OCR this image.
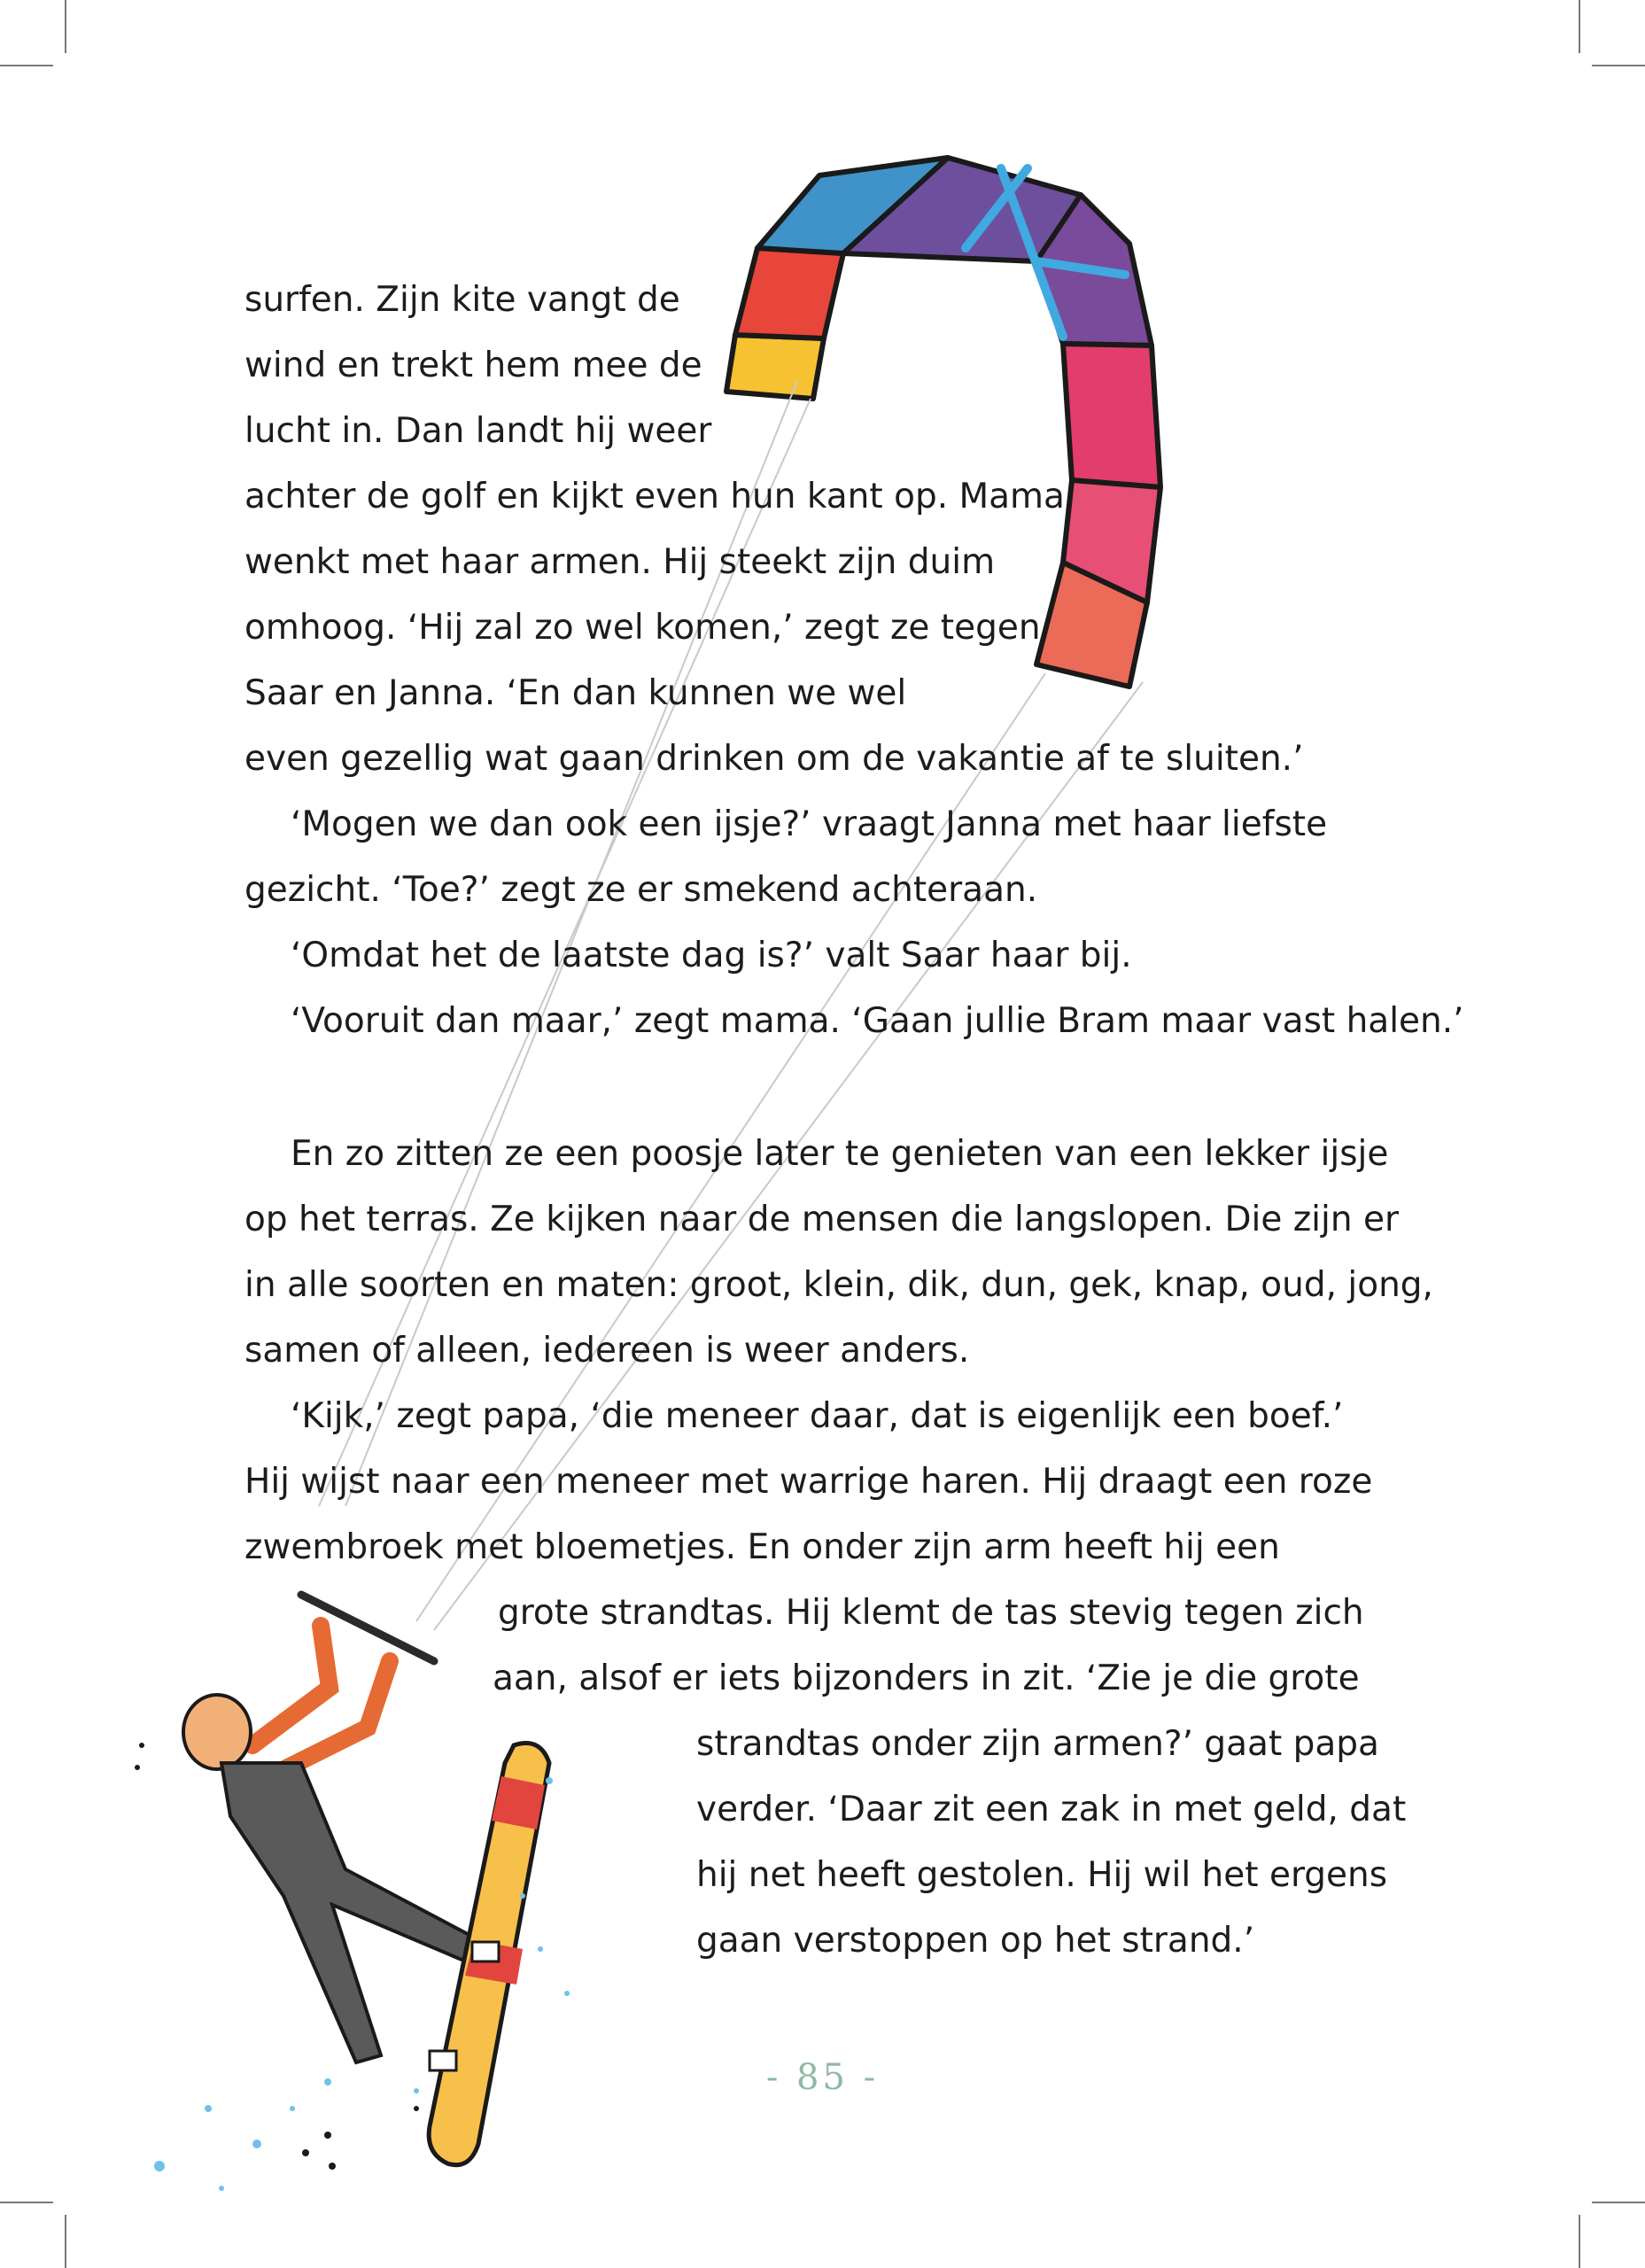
surfen. Zijn kite vangt de
wind en trekt hem mee de
lucht in. Dan landt hij weer
achter de golf en kijkt even hun kant op. Mama
wenkt met haar armen. Hij steekt zijn duim
omhoog. ‘Hij zal zo wel komen,’ zegt ze tegen
Saar en Janna. ‘En dan kunnen we wel
even gezellig wat gaan drinken om de vakantie af te sluiten.’
‘Mogen we dan ook een ijsje?’ vraagt Janna met haar liefste
gezicht. ‘Toe?’ zegt ze er smekend achteraan.
‘Omdat het de laatste dag is?’ valt Saar haar bij.
‘Vooruit dan maar,’ zegt mama. ‘Gaan jullie Bram maar vast halen.’
En zo zitten ze een poosje later te genieten van een lekker ijsje
op het terras. Ze kijken naar de mensen die langslopen. Die zijn er
in alle soorten en maten: groot, klein, dik, dun, gek, knap, oud, jong,
samen of alleen, iedereen is weer anders.
‘Kijk,’ zegt papa, ‘die meneer daar, dat is eigenlijk een boef.’
Hij wijst naar een meneer met warrige haren. Hij draagt een roze
zwembroek met bloemetjes. En onder zijn arm heeft hij een
grote strandtas. Hij klemt de tas stevig tegen zich
aan, alsof er iets bijzonders in zit. ‘Zie je die grote
strandtas onder zijn armen?’ gaat papa
verder. ‘Daar zit een zak in met geld, dat
hij net heeft gestolen. Hij wil het ergens
gaan verstoppen op het strand.’
- 85 -
